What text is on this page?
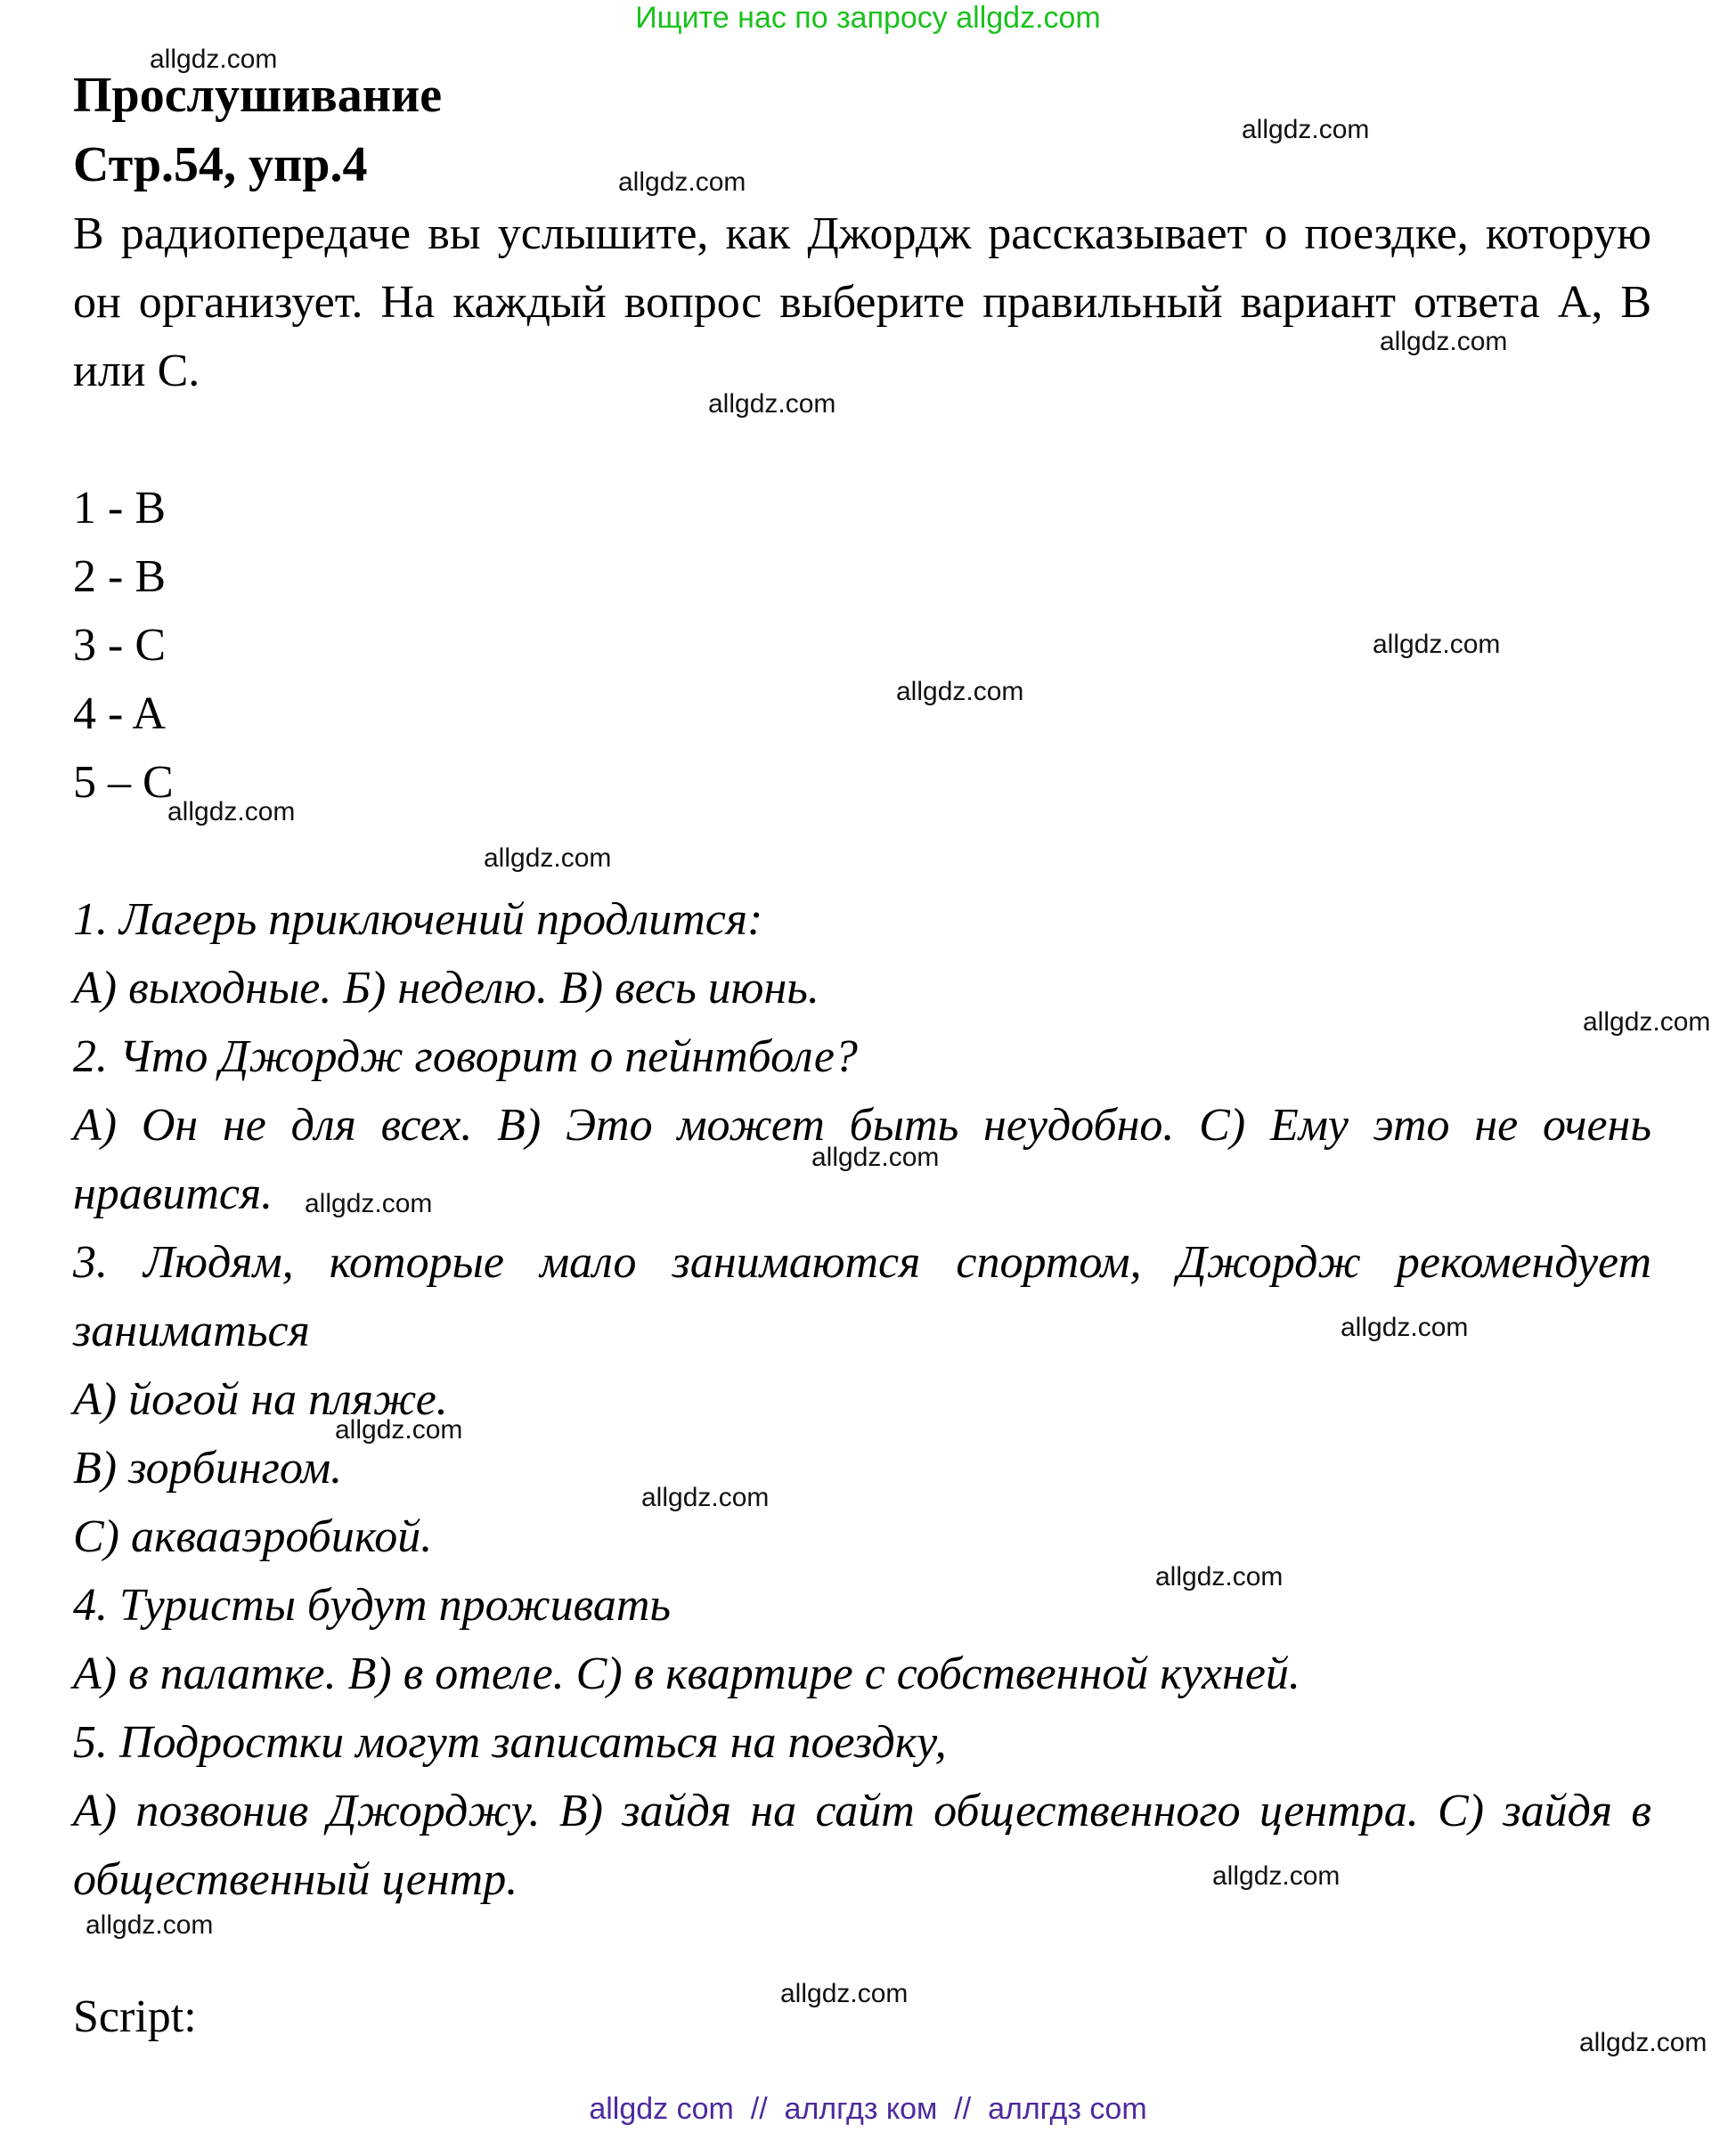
Ищите нас по запросу allgdz.com
Прослушивание
Стр.54, упр.4

В радиопередаче вы услышите, как Джордж рассказывает о поездке, которую он организует. На каждый вопрос выберите правильный вариант ответа А, В или С.

1 - B
2 - B
3 - C
4 - A
5 – C

1. Лагерь приключений продлится:

А) выходные. Б) неделю. В) весь июнь.

2. Что Джордж говорит о пейнтболе?

А) Он не для всех. В) Это может быть неудобно. С) Ему это не очень нравится.

3. Людям, которые мало занимаются спортом, Джордж рекомендует заниматься

А) йогой на пляже.

В) зорбингом.

С) аквааэробикой.

4. Туристы будут проживать

А) в палатке. В) в отеле. С) в квартире с собственной кухней.

5. Подростки могут записаться на поездку,

А) позвонив Джорджу. В) зайдя на сайт общественного центра. С) зайдя в общественный центр.

Script:
allgdz.com
allgdz.com
allgdz.com
allgdz.com
allgdz.com
allgdz.com
allgdz.com
allgdz.com
allgdz.com
allgdz.com
allgdz.com
allgdz.com
allgdz.com
allgdz.com
allgdz.com
allgdz.com
allgdz.com
allgdz.com
allgdz.com
allgdz.com
allgdz com  //  аллгдз ком  //  аллгдз com
